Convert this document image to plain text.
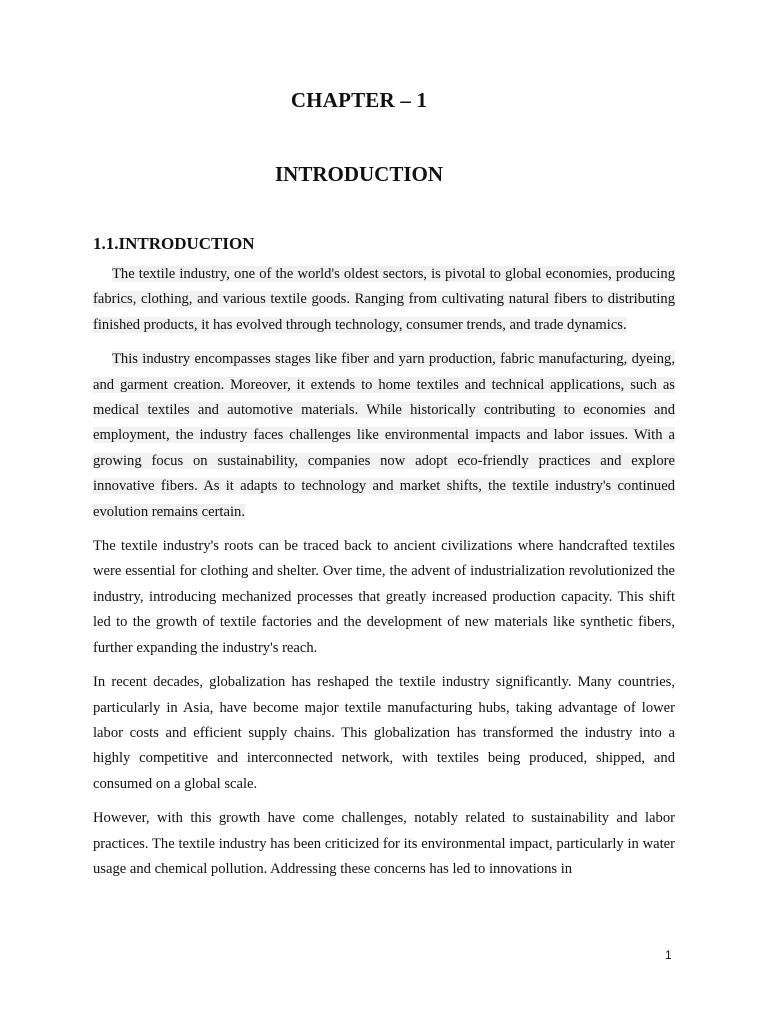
CHAPTER – 1
INTRODUCTION
1.1.INTRODUCTION

The textile industry, one of the world's oldest sectors, is pivotal to global economies, producing fabrics, clothing, and various textile goods. Ranging from cultivating natural fibers to distributing finished products, it has evolved through technology, consumer trends, and trade dynamics.

This industry encompasses stages like fiber and yarn production, fabric manufacturing, dyeing, and garment creation. Moreover, it extends to home textiles and technical applications, such as medical textiles and automotive materials. While historically contributing to economies and employment, the industry faces challenges like environmental impacts and labor issues. With a growing focus on sustainability, companies now adopt eco-friendly practices and explore innovative fibers. As it adapts to technology and market shifts, the textile industry's continued evolution remains certain.

The textile industry's roots can be traced back to ancient civilizations where handcrafted textiles were essential for clothing and shelter. Over time, the advent of industrialization revolutionized the industry, introducing mechanized processes that greatly increased production capacity. This shift led to the growth of textile factories and the development of new materials like synthetic fibers, further expanding the industry's reach.

In recent decades, globalization has reshaped the textile industry significantly. Many countries, particularly in Asia, have become major textile manufacturing hubs, taking advantage of lower labor costs and efficient supply chains. This globalization has transformed the industry into a highly competitive and interconnected network, with textiles being produced, shipped, and consumed on a global scale.

However, with this growth have come challenges, notably related to sustainability and labor practices. The textile industry has been criticized for its environmental impact, particularly in water usage and chemical pollution. Addressing these concerns has led to innovations in

1
